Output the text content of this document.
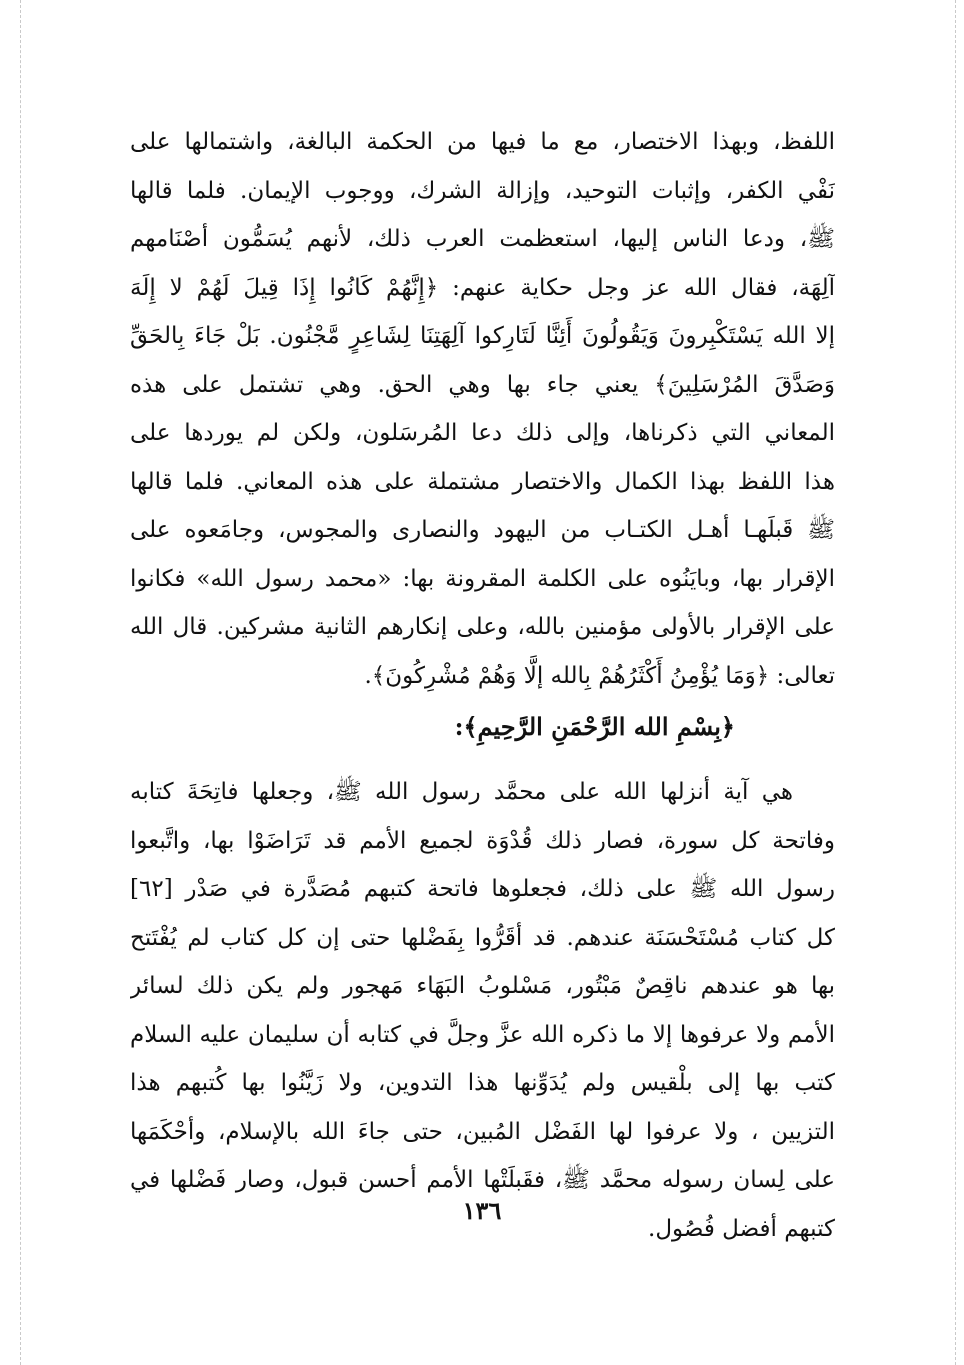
اللفظ، وبهذا الاختصار، مع ما فيها من الحكمة البالغة، واشتمالها على
نَفْي الكفر، وإثبات التوحيد، وإزالة الشرك، ووجوب الإيمان. فلما قالها
ﷺ، ودعا الناس إليها، استعظمت العرب ذلك، لأنهم يُسَمُّون أصْنَامهم
آلِهَة، فقال الله عز وجل حكاية عنهم: ﴿إِنَّهُمْ كَانُوا إِذَا قِيلَ لَهُمْ لا إِلَهَ
إلا الله يَسْتَكْبِرونَ وَيَقُولُونَ أَئِنَّا لَتَارِكوا آلِهَتِنَا لِشَاعِرٍ مَّجْنُون. بَلْ جَاءَ بِالحَقِّ
وَصَدَّقَ المُرْسَلِينَ﴾ يعني جاء بها وهي الحق. وهي تشتمل على هذه
المعاني التي ذكرناها، وإلى ذلك دعا المُرسَلون، ولكن لم يوردها على
هذا اللفظ بهذا الكمال والاختصار مشتملة على هذه المعاني. فلما قالها
ﷺ قَبلَهـا أهـل الكتـاب من اليهود والنصارى والمجوس، وجامَعوه على
الإقرار بها، وبايَنُوه على الكلمة المقرونة بها: «محمد رسول الله» فكانوا
على الإقرار بالأولى مؤمنين بالله، وعلى إنكارهم الثانية مشركين. قال الله
تعالى: ﴿وَمَا يُؤْمِنُ أَكْثَرُهُمْ بِالله إلَّا وَهُمْ مُشْرِكُونَ﴾.
﴿بِسْمِ الله الرَّحْمَنِ الرَّحِيمِ﴾:
هي آية أنزلها الله على محمَّد رسول الله ﷺ، وجعلها فاتِحَةَ كتابه
وفاتحة كل سورة، فصار ذلك قُدْوَة لجميع الأمم قد تَرَاضَوْا بها، واتَّبعوا
رسول الله ﷺ على ذلك، فجعلوها فاتحة كتبهم مُصَدَّرة في صَدْر [٦٢]
كل كتاب مُسْتَحْسَنَة عندهم. قد أقَرُّوا بِفَضْلها حتى إن كل كتاب لم يُفْتَتح
بها هو عندهم ناقِصٌ مَبْتُور، مَسْلوبُ البَهَاء مَهجور ولم يكن ذلك لسائر
الأمم ولا عرفوها إلا ما ذكره الله عزَّ وجلَّ في كتابه أن سليمان عليه السلام
كتب بها إلى بلْقيس ولم يُدَوِّنها هذا التدوين، ولا زَيَّنُوا بها كُتبهم هذا
التزيين ، ولا عرفوا لها الفَضْل المُبين، حتى جاءَ الله بالإسلام، وأحْكَمَها
على لِسان رسوله محمَّد ﷺ، فقَبلَتْها الأمم أحسن قبول، وصار فَضْلها في
كتبهم أفضل فُصُول.
١٣٦
